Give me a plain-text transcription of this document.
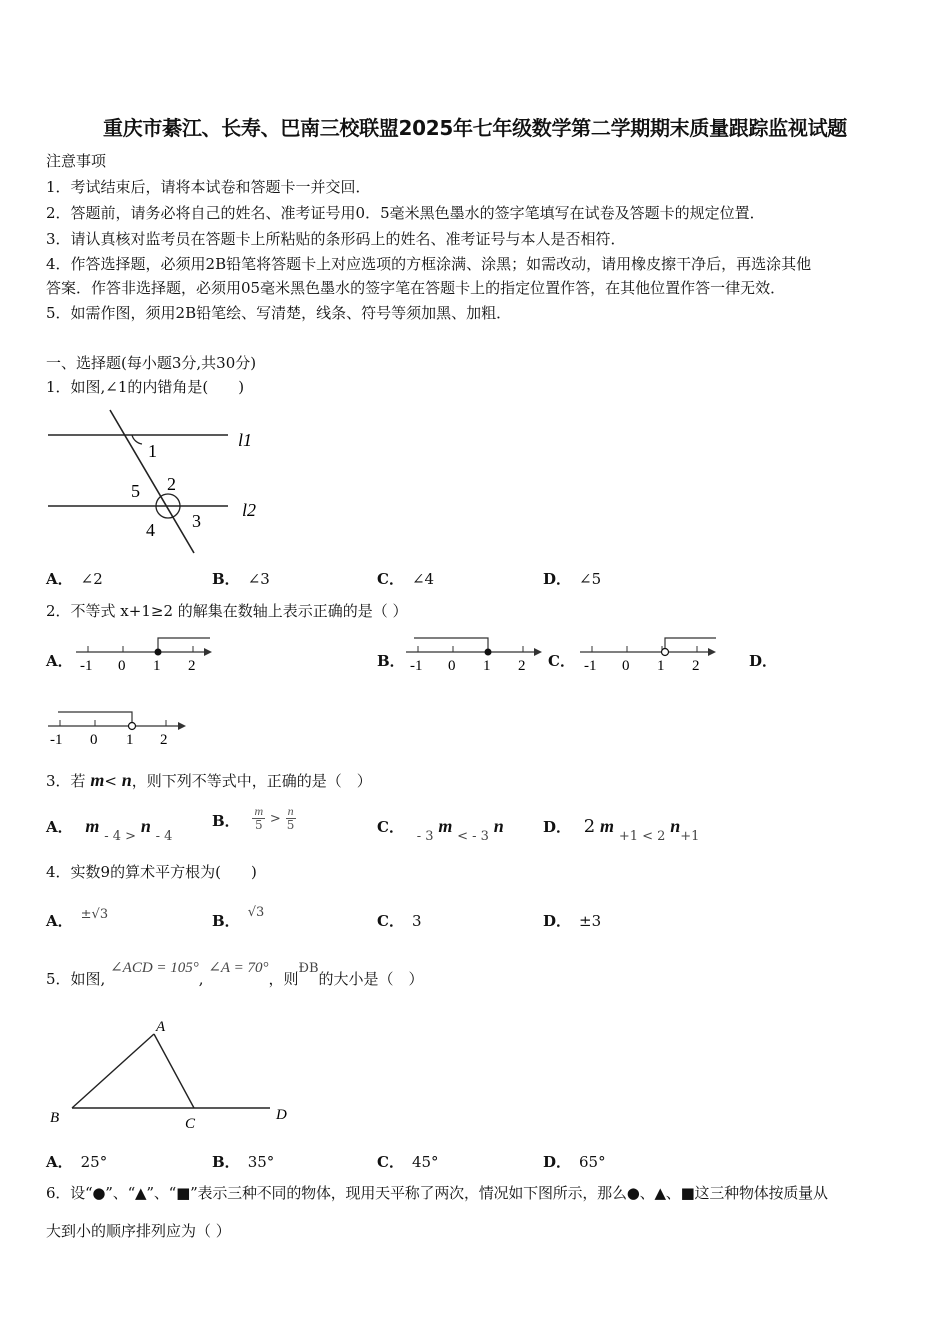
重庆市綦江、长寿、巴南三校联盟2025年七年级数学第二学期期末质量跟踪监视试题
注意事项
1．考试结束后，请将本试卷和答题卡一并交回．
2．答题前，请务必将自己的姓名、准考证号用0．5毫米黑色墨水的签字笔填写在试卷及答题卡的规定位置．
3．请认真核对监考员在答题卡上所粘贴的条形码上的姓名、准考证号与本人是否相符．
4．作答选择题，必须用2B铅笔将答题卡上对应选项的方框涂满、涂黑；如需改动，请用橡皮擦干净后，再选涂其他
答案．作答非选择题，必须用05毫米黑色墨水的签字笔在答题卡上的指定位置作答，在其他位置作答一律无效．
5．如需作图，须用2B铅笔绘、写清楚，线条、符号等须加黑、加粗．
一、选择题(每小题3分,共30分)
1．如图,∠1的内错角是(　　)
1
2
5
4 3
l1
l2
A． ∠2	B． ∠3	C． ∠4	D． ∠5
2．不等式 x+1≥2 的解集在数轴上表示正确的是（ ）
A． -1 0 1 2	B． -1 0 1 2 C． -1 0 1 2	D．
-1 0 1 2
3．若 m< n，则下列不等式中，正确的是（　）
A． m - 4 > n - 4
B． $\frac{m}{5} > \frac{n}{5}$	C． - 3 m < - 3 n	D． 2 m +1 < 2 n+1
4．实数9的算术平方根为(　　)
A． ±√3	B． √3	C． 3	D． ±3
5．如图, ∠ACD = 105°, ∠A = 70°，则ÐB的大小是（　）
A
B	C
D
A． 25°	B． 35°	C． 45°	D． 65°
6．设“●”、“▲”、“■”表示三种不同的物体，现用天平称了两次，情况如下图所示，那么●、▲、■这三种物体按质量从
大到小的顺序排列应为（ ）
